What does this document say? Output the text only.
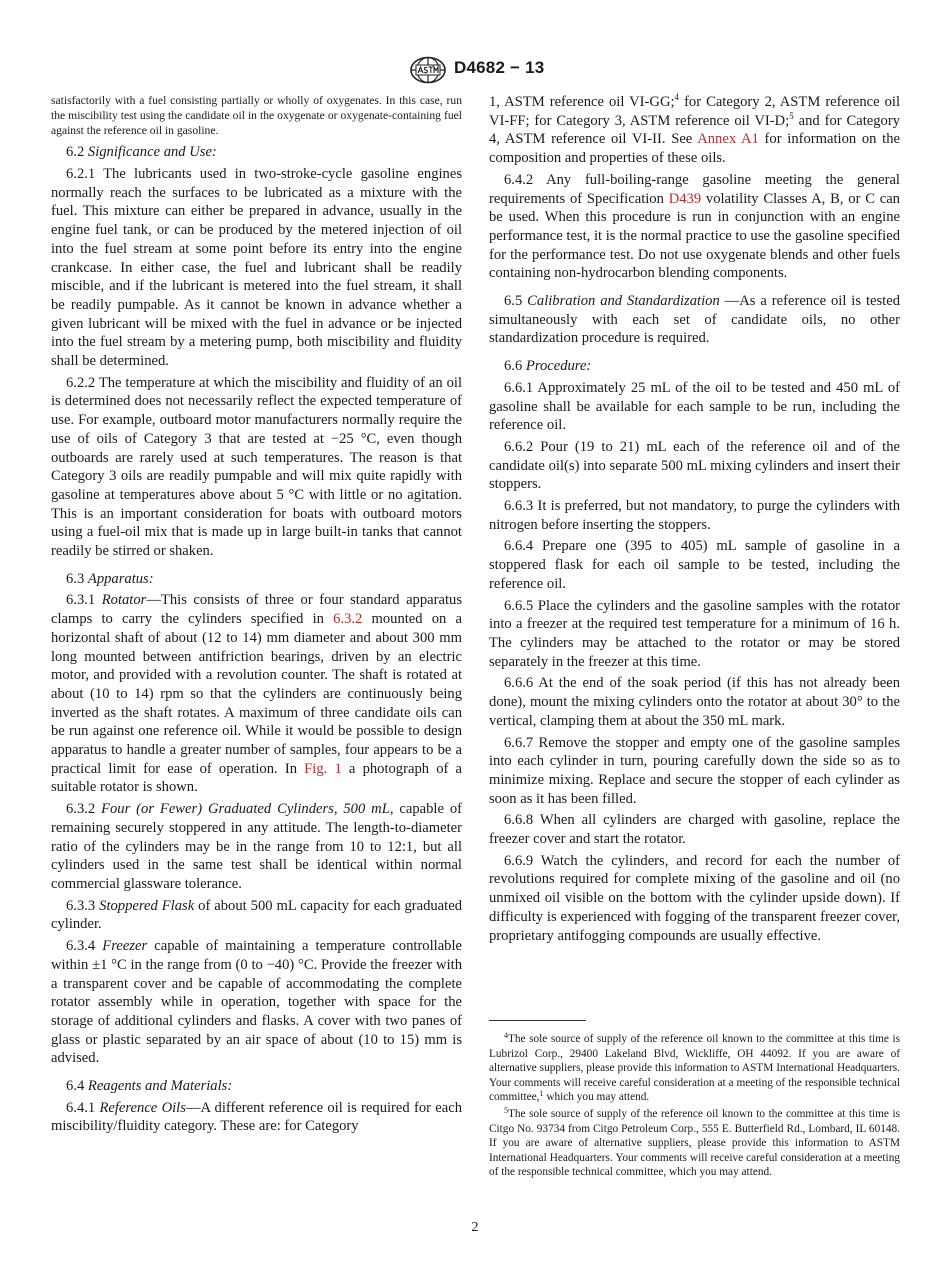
D4682 − 13

satisfactorily with a fuel consisting partially or wholly of oxygenates. In this case, run the miscibility test using the candidate oil in the oxygenate or oxygenate-containing fuel against the reference oil in gasoline.

6.2 Significance and Use:

6.2.1 The lubricants used in two-stroke-cycle gasoline engines normally reach the surfaces to be lubricated as a mixture with the fuel. This mixture can either be prepared in advance, usually in the engine fuel tank, or can be produced by the metered injection of oil into the fuel stream at some point before its entry into the engine crankcase. In either case, the fuel and lubricant shall be readily miscible, and if the lubricant is metered into the fuel stream, it shall be readily pumpable. As it cannot be known in advance whether a given lubricant will be mixed with the fuel in advance or be injected into the fuel stream by a metering pump, both miscibility and fluidity shall be determined.

6.2.2 The temperature at which the miscibility and fluidity of an oil is determined does not necessarily reflect the expected temperature of use. For example, outboard motor manufacturers normally require the use of oils of Category 3 that are tested at −25 °C, even though outboards are rarely used at such temperatures. The reason is that Category 3 oils are readily pumpable and will mix quite rapidly with gasoline at temperatures above about 5 °C with little or no agitation. This is an important consideration for boats with outboard motors using a fuel-oil mix that is made up in large built-in tanks that cannot readily be stirred or shaken.

6.3 Apparatus:

6.3.1 Rotator—This consists of three or four standard apparatus clamps to carry the cylinders specified in 6.3.2 mounted on a horizontal shaft of about (12 to 14) mm diameter and about 300 mm long mounted between antifriction bearings, driven by an electric motor, and provided with a revolution counter. The shaft is rotated at about (10 to 14) rpm so that the cylinders are continuously being inverted as the shaft rotates. A maximum of three candidate oils can be run against one reference oil. While it would be possible to design apparatus to handle a greater number of samples, four appears to be a practical limit for ease of operation. In Fig. 1 a photograph of a suitable rotator is shown.

6.3.2 Four (or Fewer) Graduated Cylinders, 500 mL, capable of remaining securely stoppered in any attitude. The length-to-diameter ratio of the cylinders may be in the range from 10 to 12:1, but all cylinders used in the same test shall be identical within normal commercial glassware tolerance.

6.3.3 Stoppered Flask of about 500 mL capacity for each graduated cylinder.

6.3.4 Freezer capable of maintaining a temperature controllable within ±1 °C in the range from (0 to −40) °C. Provide the freezer with a transparent cover and be capable of accommodating the complete rotator assembly while in operation, together with space for the storage of additional cylinders and flasks. A cover with two panes of glass or plastic separated by an air space of about (10 to 15) mm is advised.

6.4 Reagents and Materials:

6.4.1 Reference Oils—A different reference oil is required for each miscibility/fluidity category. These are: for Category

1, ASTM reference oil VI-GG;$^4$ for Category 2, ASTM reference oil VI-FF; for Category 3, ASTM reference oil VI-D;$^5$ and for Category 4, ASTM reference oil VI-II. See Annex A1 for information on the composition and properties of these oils.

6.4.2 Any full-boiling-range gasoline meeting the general requirements of Specification D439 volatility Classes A, B, or C can be used. When this procedure is run in conjunction with an engine performance test, it is the normal practice to use the gasoline specified for the performance test. Do not use oxygenate blends and other fuels containing non-hydrocarbon blending components.

6.5 Calibration and Standardization —As a reference oil is tested simultaneously with each set of candidate oils, no other standardization procedure is required.

6.6 Procedure:

6.6.1 Approximately 25 mL of the oil to be tested and 450 mL of gasoline shall be available for each sample to be run, including the reference oil.

6.6.2 Pour (19 to 21) mL each of the reference oil and of the candidate oil(s) into separate 500 mL mixing cylinders and insert their stoppers.

6.6.3 It is preferred, but not mandatory, to purge the cylinders with nitrogen before inserting the stoppers.

6.6.4 Prepare one (395 to 405) mL sample of gasoline in a stoppered flask for each oil sample to be tested, including the reference oil.

6.6.5 Place the cylinders and the gasoline samples with the rotator into a freezer at the required test temperature for a minimum of 16 h. The cylinders may be attached to the rotator or may be stored separately in the freezer at this time.

6.6.6 At the end of the soak period (if this has not already been done), mount the mixing cylinders onto the rotator at about 30° to the vertical, clamping them at about the 350 mL mark.

6.6.7 Remove the stopper and empty one of the gasoline samples into each cylinder in turn, pouring carefully down the side so as to minimize mixing. Replace and secure the stopper of each cylinder as soon as it has been filled.

6.6.8 When all cylinders are charged with gasoline, replace the freezer cover and start the rotator.

6.6.9 Watch the cylinders, and record for each the number of revolutions required for complete mixing of the gasoline and oil (no unmixed oil visible on the bottom with the cylinder upside down). If difficulty is experienced with fogging of the transparent freezer cover, proprietary antifogging compounds are usually effective.

$^4$The sole source of supply of the reference oil known to the committee at this time is Lubrizol Corp., 29400 Lakeland Blvd, Wickliffe, OH 44092. If you are aware of alternative suppliers, please provide this information to ASTM International Headquarters. Your comments will receive careful consideration at a meeting of the responsible technical committee,$^1$ which you may attend.

$^5$The sole source of supply of the reference oil known to the committee at this time is Citgo No. 93734 from Citgo Petroleum Corp., 555 E. Butterfield Rd., Lombard, IL 60148. If you are aware of alternative suppliers, please provide this information to ASTM International Headquarters. Your comments will receive careful consideration at a meeting of the responsible technical committee, which you may attend.

2
